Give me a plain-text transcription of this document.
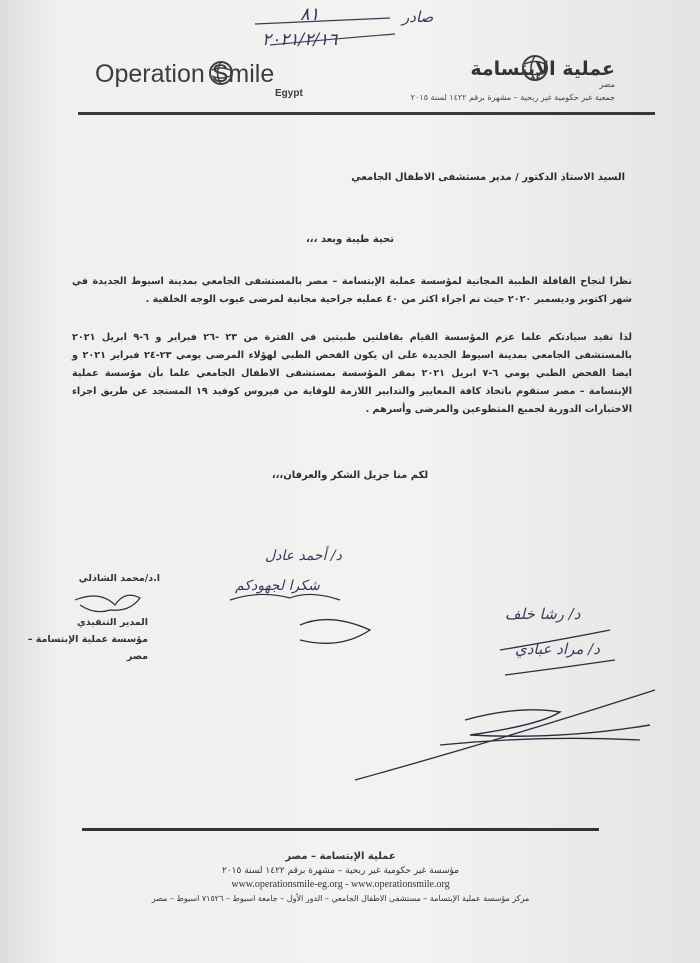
٨١	صادر
٢٠٢١/٢/١٦
Operation Smile
Egypt
عملية الإبتسامة
مصر
جمعية غير حكومية غير ربحية – مشهرة برقم ١٤٢٢ لسنة ٢٠١٥
السيد الاستاذ الدكتور / مدير مستشفى الاطفال الجامعي
تحية طيبة وبعد ،،،
نظرا لنجاح القافلة الطبية المجانية لمؤسسة عملية الإبتسامة – مصر بالمستشفى الجامعي بمدينة اسيوط الجديدة في شهر اكتوبر وديسمبر ٢٠٢٠ حيث تم اجراء اكثر من ٤٠ عمليه جراحية مجانية لمرضى عيوب الوجه الخلقية .
لذا نفيد سيادتكم علما عزم المؤسسة القيام بقافلتين طبيتين في الفترة من ٢٣ -٢٦ فبراير و ٦-٩ ابريل ٢٠٢١ بالمستشفى الجامعي بمدينة اسيوط الجديدة على ان يكون الفحص الطبي لهؤلاء المرضى يومي ٢٣-٢٤ فبراير ٢٠٢١ و ايضا الفحص الطبي يومي ٦-٧ ابريل ٢٠٢١ بمقر المؤسسة بمستشفى الاطفال الجامعي علما بأن مؤسسة عملية الإبتسامة – مصر ستقوم باتخاذ كافة المعايير والتدابير اللازمة للوقاية من فيروس كوفيد ١٩ المستجد عن طريق اجراء الاختبارات الدورية لجميع المتطوعين والمرضى وأسرهم .
لكم منا جزيل الشكر والعرفان،،،
د/ أحمد عادل
شكرا لجهودكم
د/ رشا خلف
د/ مراد عبادي
ا.د/محمد الشاذلي
المدير التنفيذي
مؤسسة عملية الإبتسامة – مصر
عملية الإبتسامة – مصر
مؤسسة غير حكومية غير ربحية – مشهرة برقم ١٤٢٢ لسنة ٢٠١٥
www.operationsmile-eg.org - www.operationsmile.org
مركز مؤسسة عملية الإبتسامة – مستشفى الاطفال الجامعي – الدور الأول – جامعة اسيوط – ٧١٥٢٦ اسيوط – مصر
